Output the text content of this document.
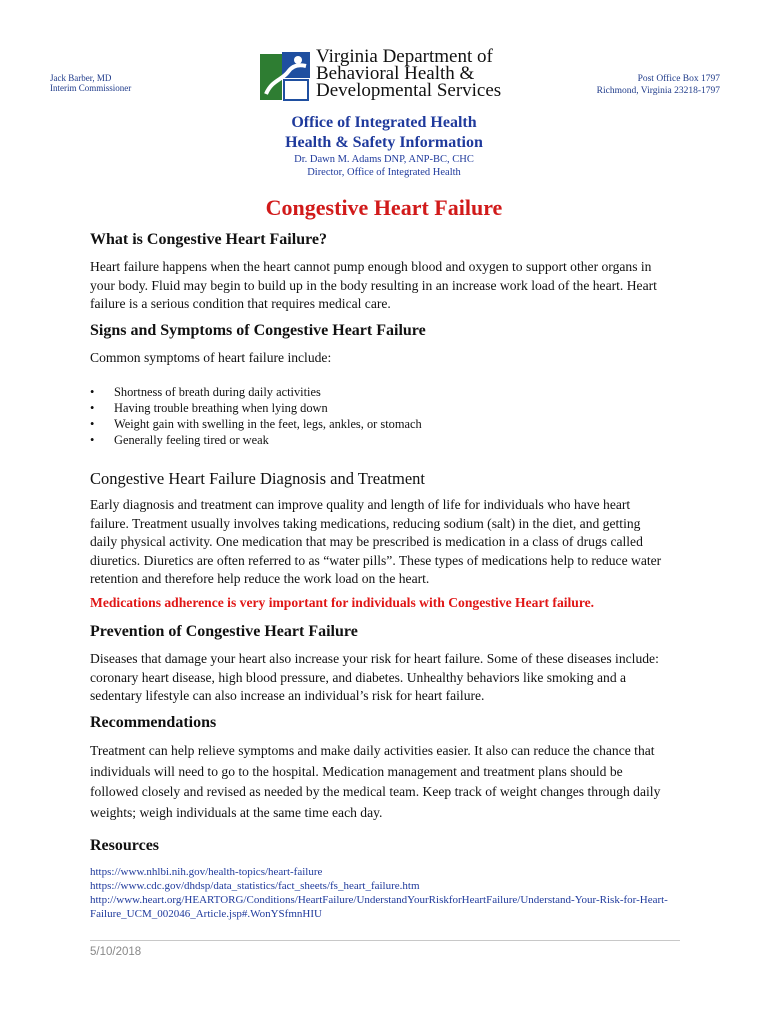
Jack Barber, MD
Interim Commissioner
Virginia Department of
Behavioral Health &
Developmental Services
Post Office Box 1797
Richmond, Virginia 23218-1797
Office of Integrated Health
Health & Safety Information
Dr. Dawn M. Adams DNP, ANP-BC, CHC
Director, Office of Integrated Health
Congestive Heart Failure
What is Congestive Heart Failure?
Heart failure happens when the heart cannot pump enough blood and oxygen to support other organs in your body. Fluid may begin to build up in the body resulting in an increase work load of the heart. Heart failure is a serious condition that requires medical care.
Signs and Symptoms of Congestive Heart Failure
Common symptoms of heart failure include:
• Shortness of breath during daily activities
• Having trouble breathing when lying down
• Weight gain with swelling in the feet, legs, ankles, or stomach
• Generally feeling tired or weak
Congestive Heart Failure Diagnosis and Treatment
Early diagnosis and treatment can improve quality and length of life for individuals who have heart failure. Treatment usually involves taking medications, reducing sodium (salt) in the diet, and getting daily physical activity. One medication that may be prescribed is medication in a class of drugs called diuretics. Diuretics are often referred to as “water pills”. These types of medications help to reduce water retention and therefore help reduce the work load on the heart.
Medications adherence is very important for individuals with Congestive Heart failure.
Prevention of Congestive Heart Failure
Diseases that damage your heart also increase your risk for heart failure. Some of these diseases include: coronary heart disease, high blood pressure, and diabetes. Unhealthy behaviors like smoking and a sedentary lifestyle can also increase an individual’s risk for heart failure.
Recommendations
Treatment can help relieve symptoms and make daily activities easier. It also can reduce the chance that individuals will need to go to the hospital. Medication management and treatment plans should be followed closely and revised as needed by the medical team. Keep track of weight changes through daily weights; weigh individuals at the same time each day.
Resources
https://www.nhlbi.nih.gov/health-topics/heart-failure
https://www.cdc.gov/dhdsp/data_statistics/fact_sheets/fs_heart_failure.htm
http://www.heart.org/HEARTORG/Conditions/HeartFailure/UnderstandYourRiskforHeartFailure/Understand-Your-Risk-for-Heart-Failure_UCM_002046_Article.jsp#.WonYSfmnHIU
5/10/2018
